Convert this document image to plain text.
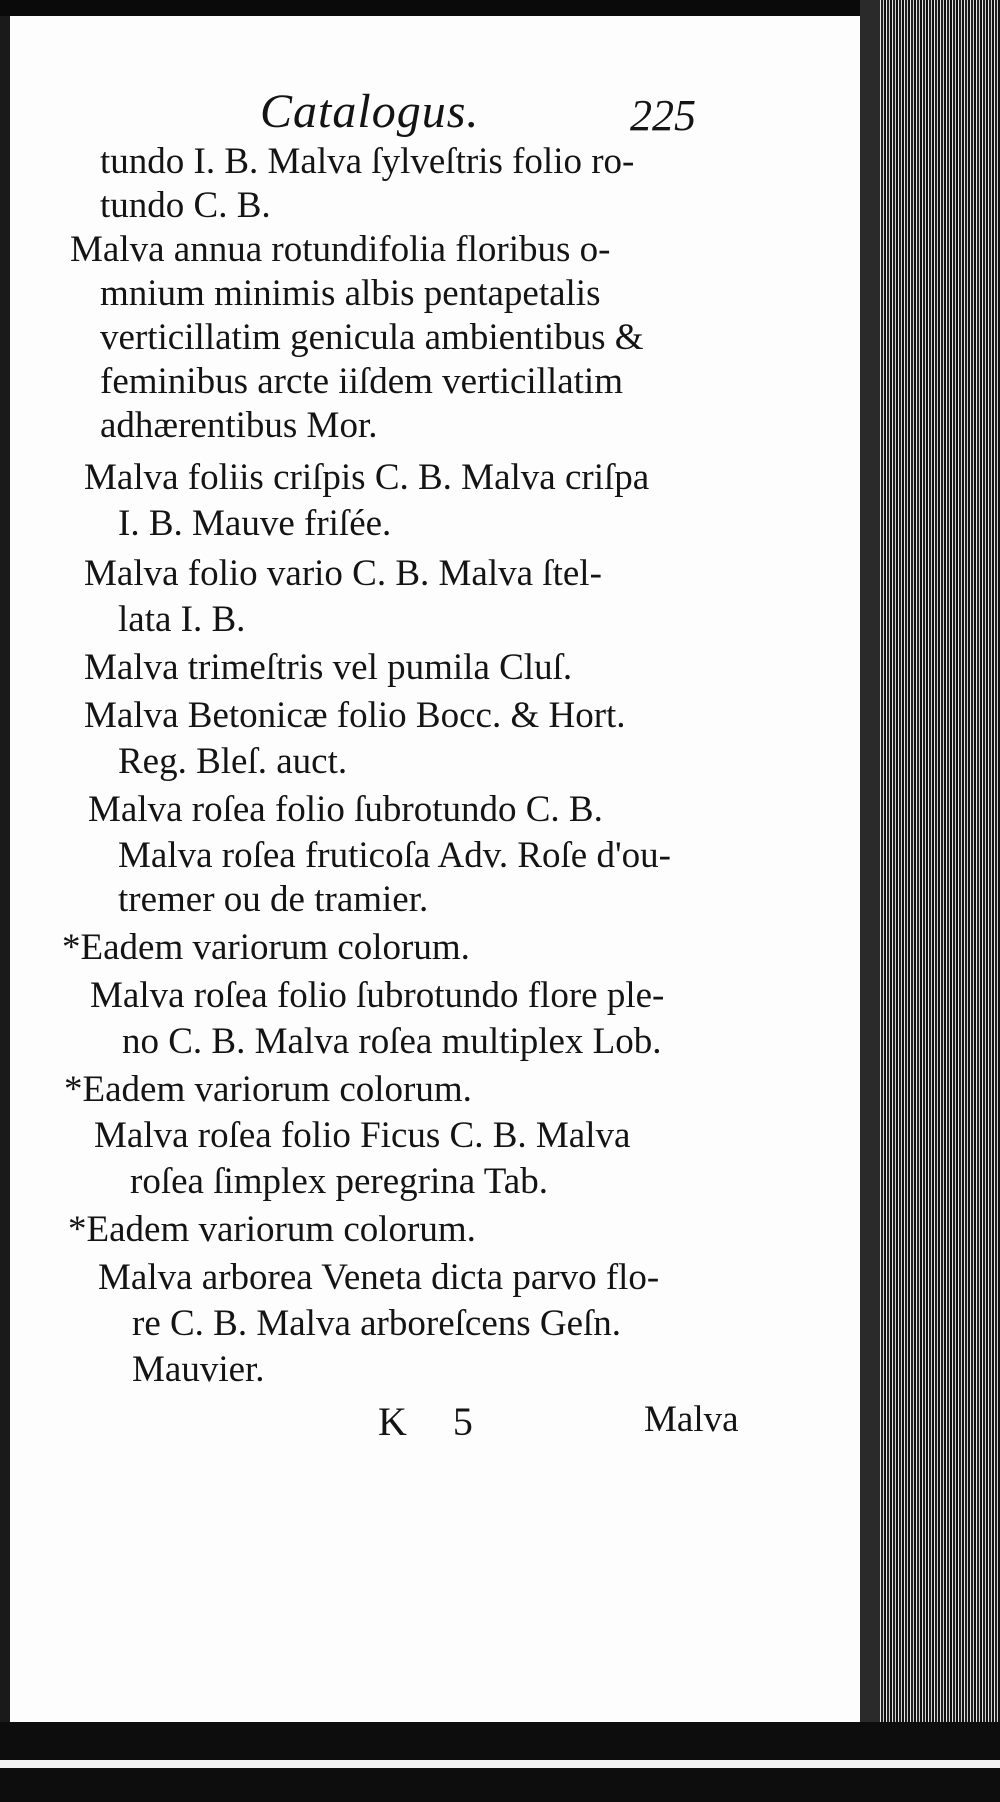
Catalogus.	225
tundo I. B. Malva ſylveſtris folio ro-
tundo C. B.
Malva annua rotundifolia floribus o-
mnium minimis albis pentapetalis
verticillatim genicula ambientibus &
feminibus arcte iiſdem verticillatim
adhærentibus Mor.
Malva foliis criſpis C. B. Malva criſpa
I. B. Mauve friſée.
Malva folio vario C. B. Malva ſtel-
lata I. B.
Malva trimeſtris vel pumila Cluſ.
Malva Betonicæ folio Bocc. & Hort.
Reg. Bleſ. auct.
Malva roſea folio ſubrotundo C. B.
Malva roſea fruticoſa Adv. Roſe d'ou-
tremer ou de tramier.
*Eadem variorum colorum.
Malva roſea folio ſubrotundo flore ple-
no C. B. Malva roſea multiplex Lob.
*Eadem variorum colorum.
Malva roſea folio Ficus C. B. Malva
roſea ſimplex peregrina Tab.
*Eadem variorum colorum.
Malva arborea Veneta dicta parvo flo-
re C. B. Malva arboreſcens Geſn.
Mauvier.
K 5	Malva
